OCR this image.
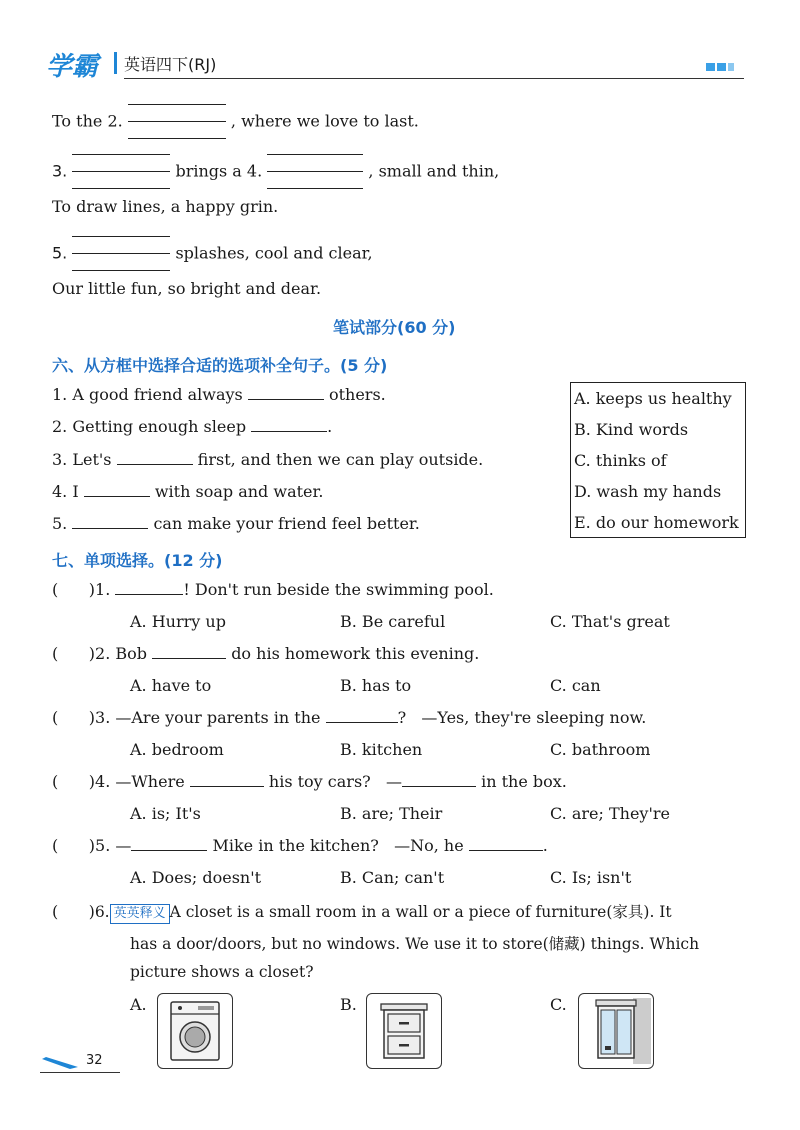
学霸 英语四下(RJ)
To the 2.	, where we love to last.
3.	brings a 4.	, small and thin,
To draw lines, a happy grin.
5.	splashes, cool and clear,
Our little fun, so bright and dear.
笔试部分(60 分)
六、从方框中选择合适的选项补全句子。(5 分)
1. A good friend always	others.
2. Getting enough sleep	.
3. Let's	first, and then we can play outside.
4. I	with soap and water.
5.	can make your friend feel better.
A. keeps us healthy
B. Kind words
C. thinks of
D. wash my hands
E. do our homework
七、单项选择。(12 分)
(      )1.	! Don't run beside the swimming pool.
A. Hurry up	B. Be careful	C. That's great
(      )2. Bob	do his homework this evening.
A. have to	B. has to	C. can
(      )3. —Are your parents in the	? —Yes, they're sleeping now.
A. bedroom	B. kitchen	C. bathroom
(      )4. —Where	his toy cars? —	in the box.
A. is; It's	B. are; Their	C. are; They're
(      )5. —	Mike in the kitchen? —No, he	.
A. Does; doesn't	B. Can; can't	C. Is; isn't
(      )6. 英英释义 A closet is a small room in a wall or a piece of furniture(家具). It
has a door/doors, but no windows. We use it to store(储藏) things. Which
picture shows a closet?
A.	B.	C.
32
